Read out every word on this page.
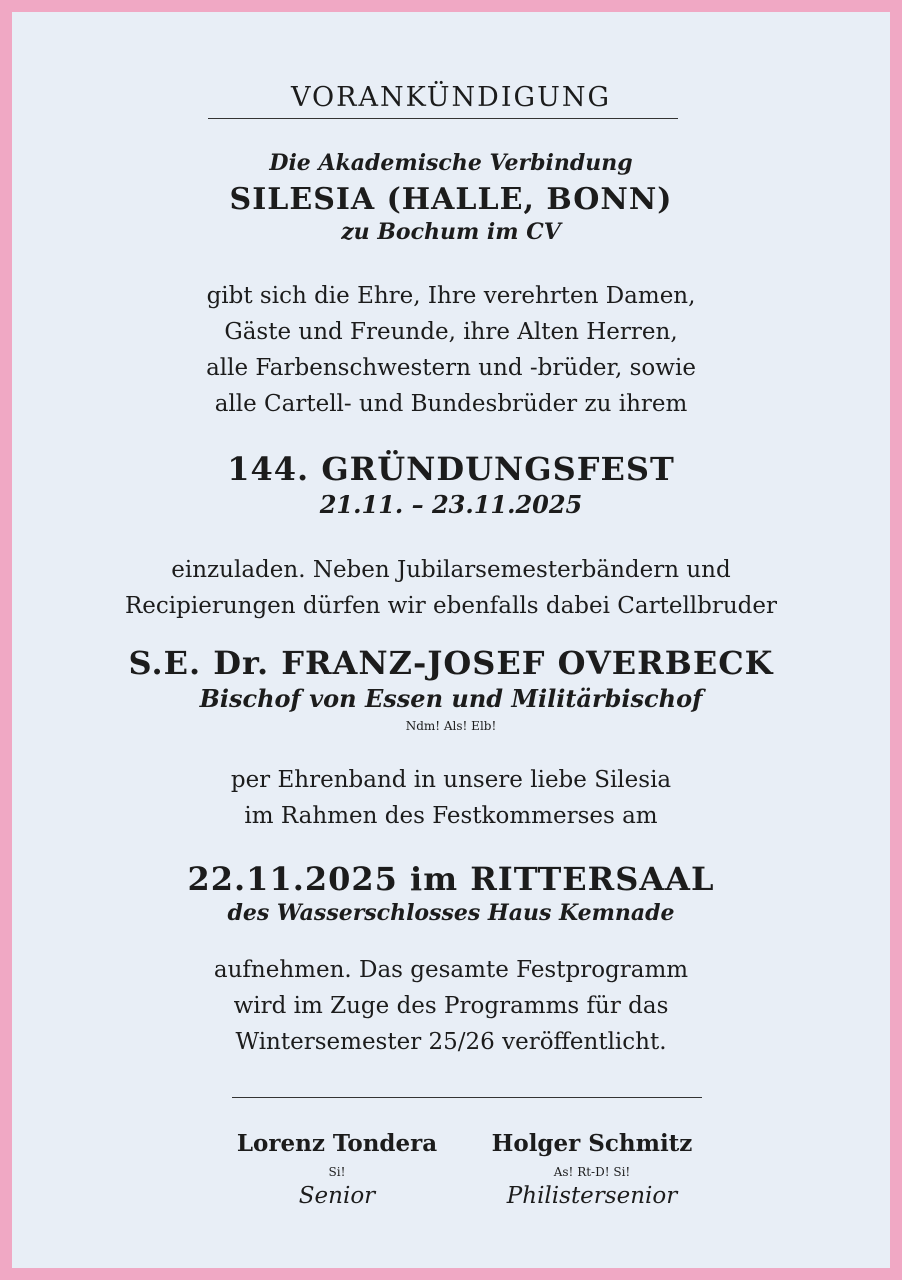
VORANKÜNDIGUNG
Die Akademische Verbindung
SILESIA (HALLE, BONN)
zu Bochum im CV
gibt sich die Ehre, Ihre verehrten Damen,
Gäste und Freunde, ihre Alten Herren,
alle Farbenschwestern und -brüder, sowie
alle Cartell- und Bundesbrüder zu ihrem
144. GRÜNDUNGSFEST
21.11. – 23.11.2025
einzuladen. Neben Jubilarsemesterbändern und
Recipierungen dürfen wir ebenfalls dabei Cartellbruder
S.E. Dr. FRANZ-JOSEF OVERBECK
Bischof von Essen und Militärbischof
Ndm! Als! Elb!
per Ehrenband in unsere liebe Silesia
im Rahmen des Festkommerses am
22.11.2025 im RITTERSAAL
des Wasserschlosses Haus Kemnade
aufnehmen. Das gesamte Festprogramm
wird im Zuge des Programms für das
Wintersemester 25/26 veröffentlicht.
Lorenz Tondera
Si!
Senior
Holger Schmitz
As! Rt-D! Si!
Philistersenior
